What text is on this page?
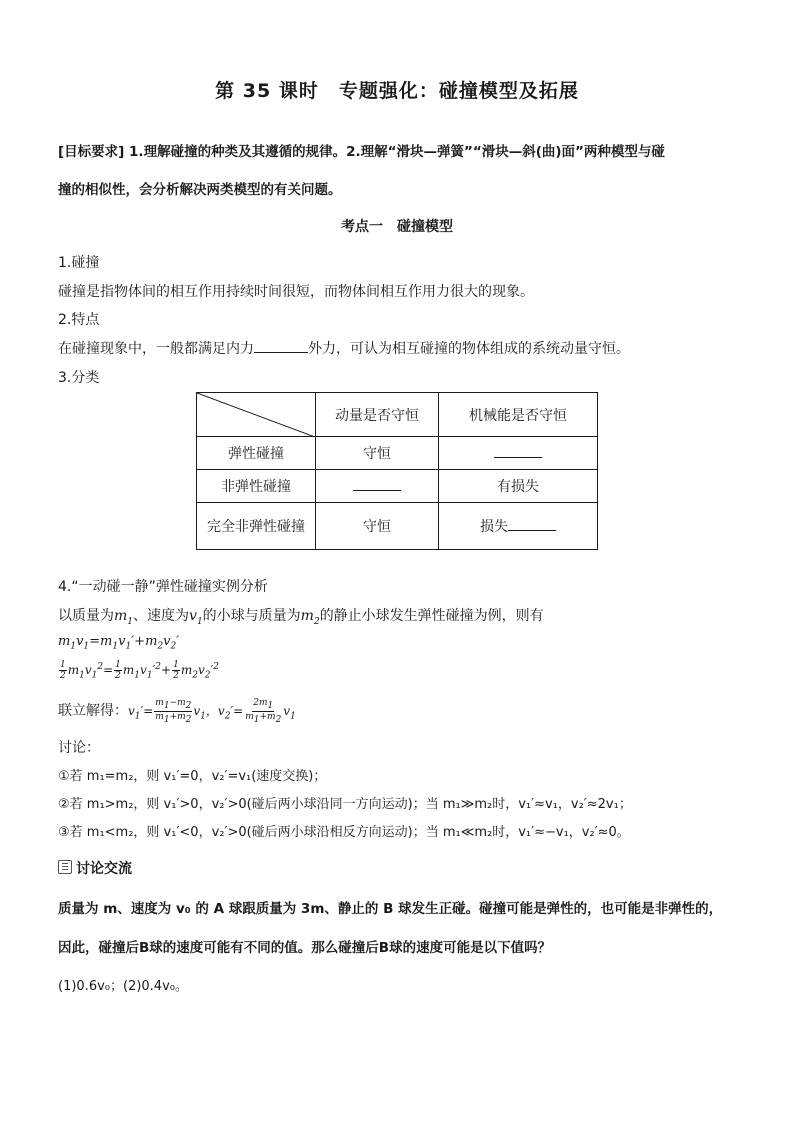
第 35 课时　专题强化：碰撞模型及拓展
[目标要求] 1.理解碰撞的种类及其遵循的规律。2.理解“滑块—弹簧”“滑块—斜(曲)面”两种模型与碰
撞的相似性，会分析解决两类模型的有关问题。
考点一　碰撞模型
1.碰撞
碰撞是指物体间的相互作用持续时间很短，而物体间相互作用力很大的现象。
2.特点
在碰撞现象中，一般都满足内力	外力，可认为相互碰撞的物体组成的系统动量守恒。
3.分类
	动量是否守恒	机械能是否守恒
弹性碰撞	守恒	
非弹性碰撞		有损失
完全非弹性碰撞	守恒	损失
4.“一动碰一静”弹性碰撞实例分析
以质量为$m_1$、速度为$v_1$的小球与质量为$m_2$的静止小球发生弹性碰撞为例，则有
$m_1v_1=m_1v_1'+m_2v_2'$
$\frac{1}{2} m_1v_1^2= \frac{1}{2} m_1v_1'^2+ \frac{1}{2} m_2v_2'^2$
联立解得：$v_1'= \frac{m_1-m_2}{m_1+m_2} v_1$，$v_2'= \frac{2m_1}{m_1+m_2} v_1$
讨论：
①若 m₁=m₂，则 v₁′=0，v₂′=v₁(速度交换)；
②若 m₁>m₂，则 v₁′>0，v₂′>0(碰后两小球沿同一方向运动)；当 m₁≫m₂时，v₁′≈v₁，v₂′≈2v₁；
③若 m₁<m₂，则 v₁′<0，v₂′>0(碰后两小球沿相反方向运动)；当 m₁≪m₂时，v₁′≈−v₁，v₂′≈0。
讨论交流
质量为 m、速度为 v₀ 的 A 球跟质量为 3m、静止的 B 球发生正碰。碰撞可能是弹性的，也可能是非弹性的，
因此，碰撞后B球的速度可能有不同的值。那么碰撞后B球的速度可能是以下值吗？
(1)0.6v₀；(2)0.4v₀。
